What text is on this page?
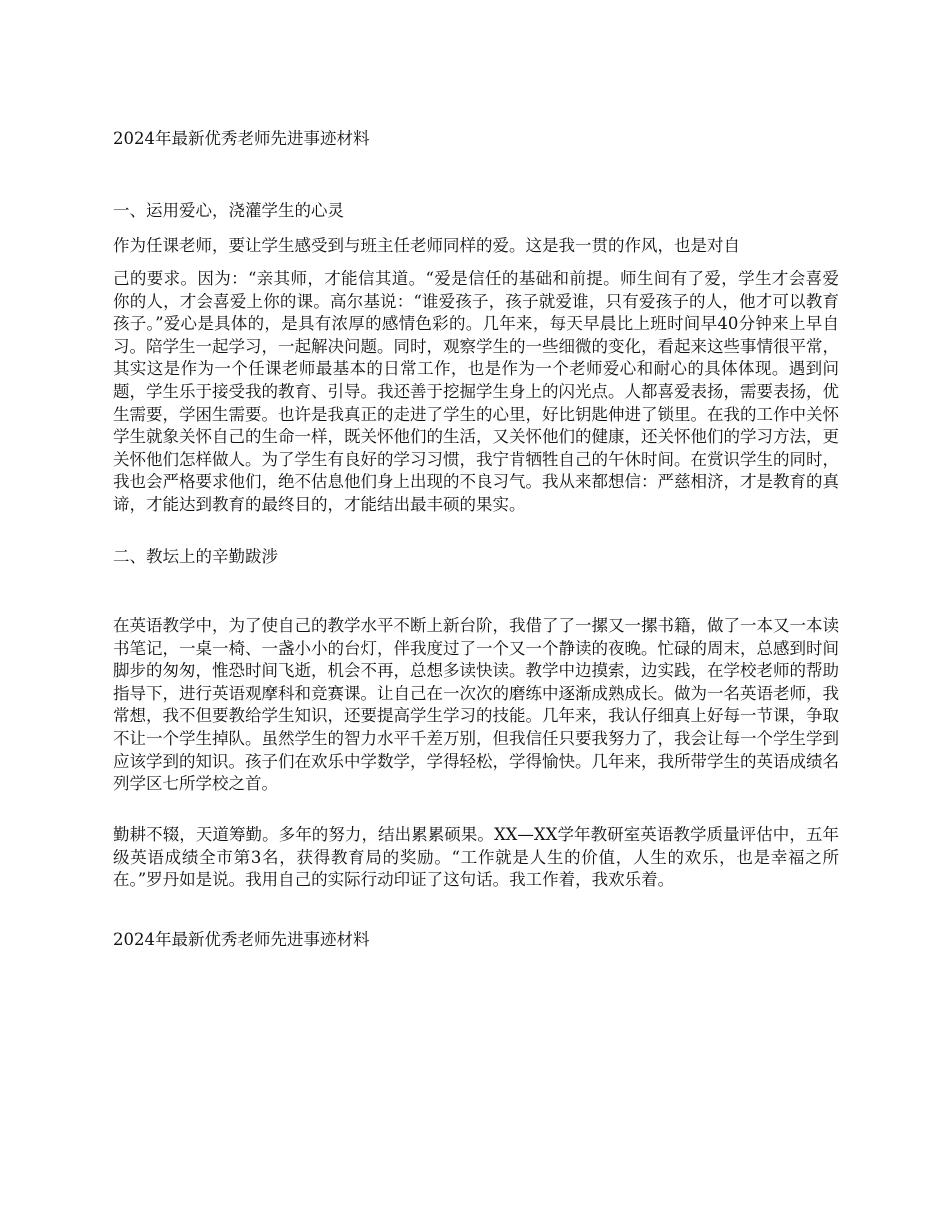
2024年最新优秀老师先进事迹材料
一、运用爱心，浇灌学生的心灵
作为任课老师，要让学生感受到与班主任老师同样的爱。这是我一贯的作风，也是对自

己的要求。因为：“亲其师，才能信其道。“爱是信任的基础和前提。师生间有了爱，学生才会喜爱你的人，才会喜爱上你的课。高尔基说：“谁爱孩子，孩子就爱谁，只有爱孩子的人，他才可以教育孩子。”爱心是具体的，是具有浓厚的感情色彩的。几年来，每天早晨比上班时间早40分钟来上早自习。陪学生一起学习，一起解决问题。同时，观察学生的一些细微的变化，看起来这些事情很平常，其实这是作为一个任课老师最基本的日常工作，也是作为一个老师爱心和耐心的具体体现。遇到问题，学生乐于接受我的教育、引导。我还善于挖掘学生身上的闪光点。人都喜爱表扬，需要表扬，优生需要，学困生需要。也许是我真正的走进了学生的心里，好比钥匙伸进了锁里。在我的工作中关怀学生就象关怀自己的生命一样，既关怀他们的生活，又关怀他们的健康，还关怀他们的学习方法，更关怀他们怎样做人。为了学生有良好的学习习惯，我宁肯牺牲自己的午休时间。在赏识学生的同时，我也会严格要求他们，绝不估息他们身上出现的不良习气。我从来都想信：严慈相济，才是教育的真谛，才能达到教育的最终目的，才能结出最丰硕的果实。

二、教坛上的辛勤跋涉

在英语教学中，为了使自己的教学水平不断上新台阶，我借了了一摞又一摞书籍，做了一本又一本读书笔记，一桌一椅、一盏小小的台灯，伴我度过了一个又一个静读的夜晚。忙碌的周末，总感到时间脚步的匆匆，惟恐时间飞逝，机会不再，总想多读快读。教学中边摸索，边实践，在学校老师的帮助指导下，进行英语观摩科和竞赛课。让自己在一次次的磨练中逐渐成熟成长。做为一名英语老师，我常想，我不但要教给学生知识，还要提高学生学习的技能。几年来，我认仔细真上好每一节课，争取不让一个学生掉队。虽然学生的智力水平千差万别，但我信任只要我努力了，我会让每一个学生学到应该学到的知识。孩子们在欢乐中学数学，学得轻松，学得愉快。几年来，我所带学生的英语成绩名列学区七所学校之首。

勤耕不辍，天道筹勤。多年的努力，结出累累硕果。XX—XX学年教研室英语教学质量评估中，五年级英语成绩全市第3名，获得教育局的奖励。“工作就是人生的价值，人生的欢乐，也是幸福之所在。”罗丹如是说。我用自己的实际行动印证了这句话。我工作着，我欢乐着。

2024年最新优秀老师先进事迹材料
